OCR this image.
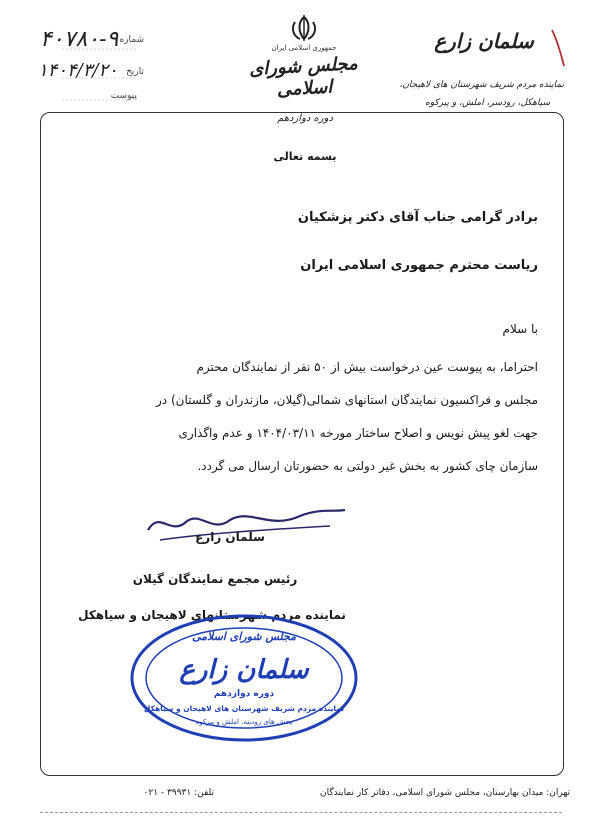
۴۰۷۸۰-۹ شماره
۱۴۰۴/۳/۲۰ تاریخ
پیوست
جمهوری اسلامی ایران
مجلس شورای اسلامی
دوره دوازدهم
بسمه تعالی
سلمان زارع
نماینده مردم شریف شهرستان های لاهیجان،
سیاهکل، رودسر، املش، و پیرکوه
برادر گرامی جناب آقای دکتر پزشکیان
ریاست محترم جمهوری اسلامی ایران
با سلام
احتراما، به پیوست عین درخواست بیش از ۵۰ نفر از نمایندگان محترم
مجلس و فراکسیون نمایندگان استانهای شمالی(گیلان، مازندران و گلستان) در
جهت لغو پیش نویس و اصلاح ساختار مورخه ۱۴۰۴/۰۳/۱۱ و عدم واگذاری
سازمان چای کشور به بخش غیر دولتی به حضورتان ارسال می گردد.
سلمان زارع
رئیس مجمع نمایندگان گیلان
نماینده مردم شهرستانهای لاهیجان و سیاهکل
مجلس شورای اسلامی
سلمان زارع
دوره دوازدهم
نماینده مردم شریف شهرستان های لاهیجان و سیاهکل
بخش های رودبنه، املش و پیرکوه
تهران: میدان بهارستان، مجلس شورای اسلامی، دفاتر کار نمایندگان
تلفن: ۳۹۹۳۱ - ۰۲۱
